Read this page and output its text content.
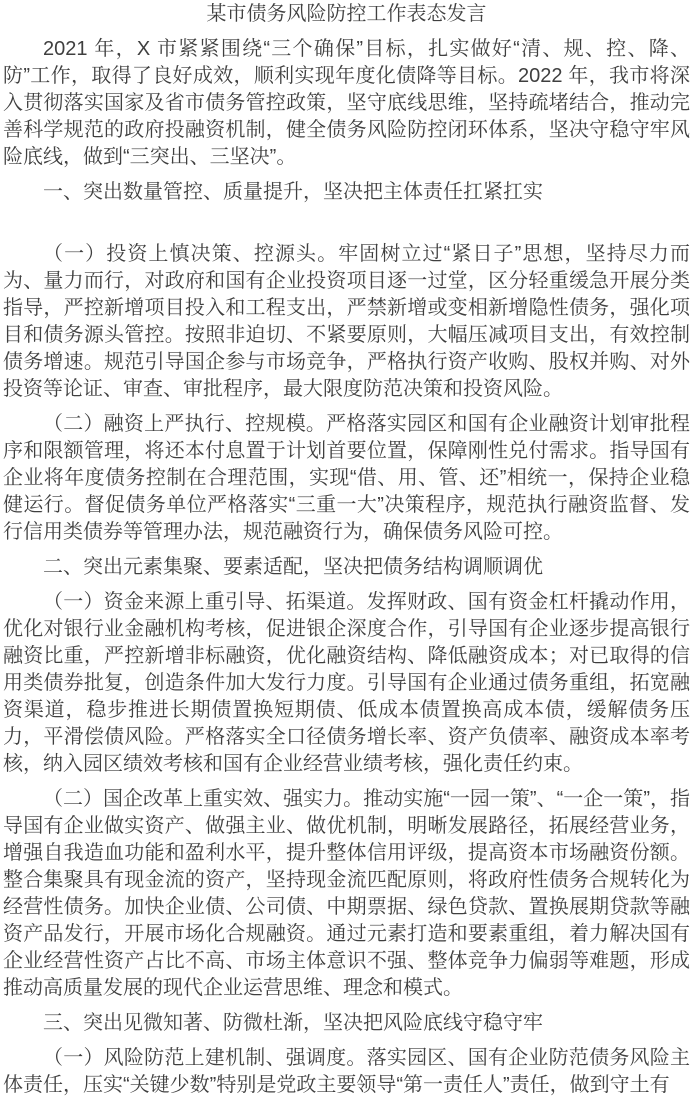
某市债务风险防控工作表态发言

2021 年，X 市紧紧围绕“三个确保”目标，扎实做好“清、规、控、降、防”工作，取得了良好成效，顺利实现年度化债降等目标。2022 年，我市将深入贯彻落实国家及省市债务管控政策，坚守底线思维，坚持疏堵结合，推动完善科学规范的政府投融资机制，健全债务风险防控闭环体系，坚决守稳守牢风险底线，做到“三突出、三坚决”。

一、突出数量管控、质量提升，坚决把主体责任扛紧扛实

（一）投资上慎决策、控源头。牢固树立过“紧日子”思想，坚持尽力而为、量力而行，对政府和国有企业投资项目逐一过堂，区分轻重缓急开展分类指导，严控新增项目投入和工程支出，严禁新增或变相新增隐性债务，强化项目和债务源头管控。按照非迫切、不紧要原则，大幅压减项目支出，有效控制债务增速。规范引导国企参与市场竞争，严格执行资产收购、股权并购、对外投资等论证、审查、审批程序，最大限度防范决策和投资风险。

（二）融资上严执行、控规模。严格落实园区和国有企业融资计划审批程序和限额管理，将还本付息置于计划首要位置，保障刚性兑付需求。指导国有企业将年度债务控制在合理范围，实现“借、用、管、还”相统一，保持企业稳健运行。督促债务单位严格落实“三重一大”决策程序，规范执行融资监督、发行信用类债券等管理办法，规范融资行为，确保债务风险可控。

二、突出元素集聚、要素适配，坚决把债务结构调顺调优

（一）资金来源上重引导、拓渠道。发挥财政、国有资金杠杆撬动作用，优化对银行业金融机构考核，促进银企深度合作，引导国有企业逐步提高银行融资比重，严控新增非标融资，优化融资结构、降低融资成本；对已取得的信用类债券批复，创造条件加大发行力度。引导国有企业通过债务重组，拓宽融资渠道，稳步推进长期债置换短期债、低成本债置换高成本债，缓解债务压力，平滑偿债风险。严格落实全口径债务增长率、资产负债率、融资成本率考核，纳入园区绩效考核和国有企业经营业绩考核，强化责任约束。

（二）国企改革上重实效、强实力。推动实施“一园一策”、“一企一策”，指导国有企业做实资产、做强主业、做优机制，明晰发展路径，拓展经营业务，增强自我造血功能和盈利水平，提升整体信用评级，提高资本市场融资份额。整合集聚具有现金流的资产，坚持现金流匹配原则，将政府性债务合规转化为经营性债务。加快企业债、公司债、中期票据、绿色贷款、置换展期贷款等融资产品发行，开展市场化合规融资。通过元素打造和要素重组，着力解决国有企业经营性资产占比不高、市场主体意识不强、整体竞争力偏弱等难题，形成推动高质量发展的现代企业运营思维、理念和模式。

三、突出见微知著、防微杜渐，坚决把风险底线守稳守牢

（一）风险防范上建机制、强调度。落实园区、国有企业防范债务风险主体责任，压实“关键少数”特别是党政主要领导“第一责任人”责任，做到守土有
